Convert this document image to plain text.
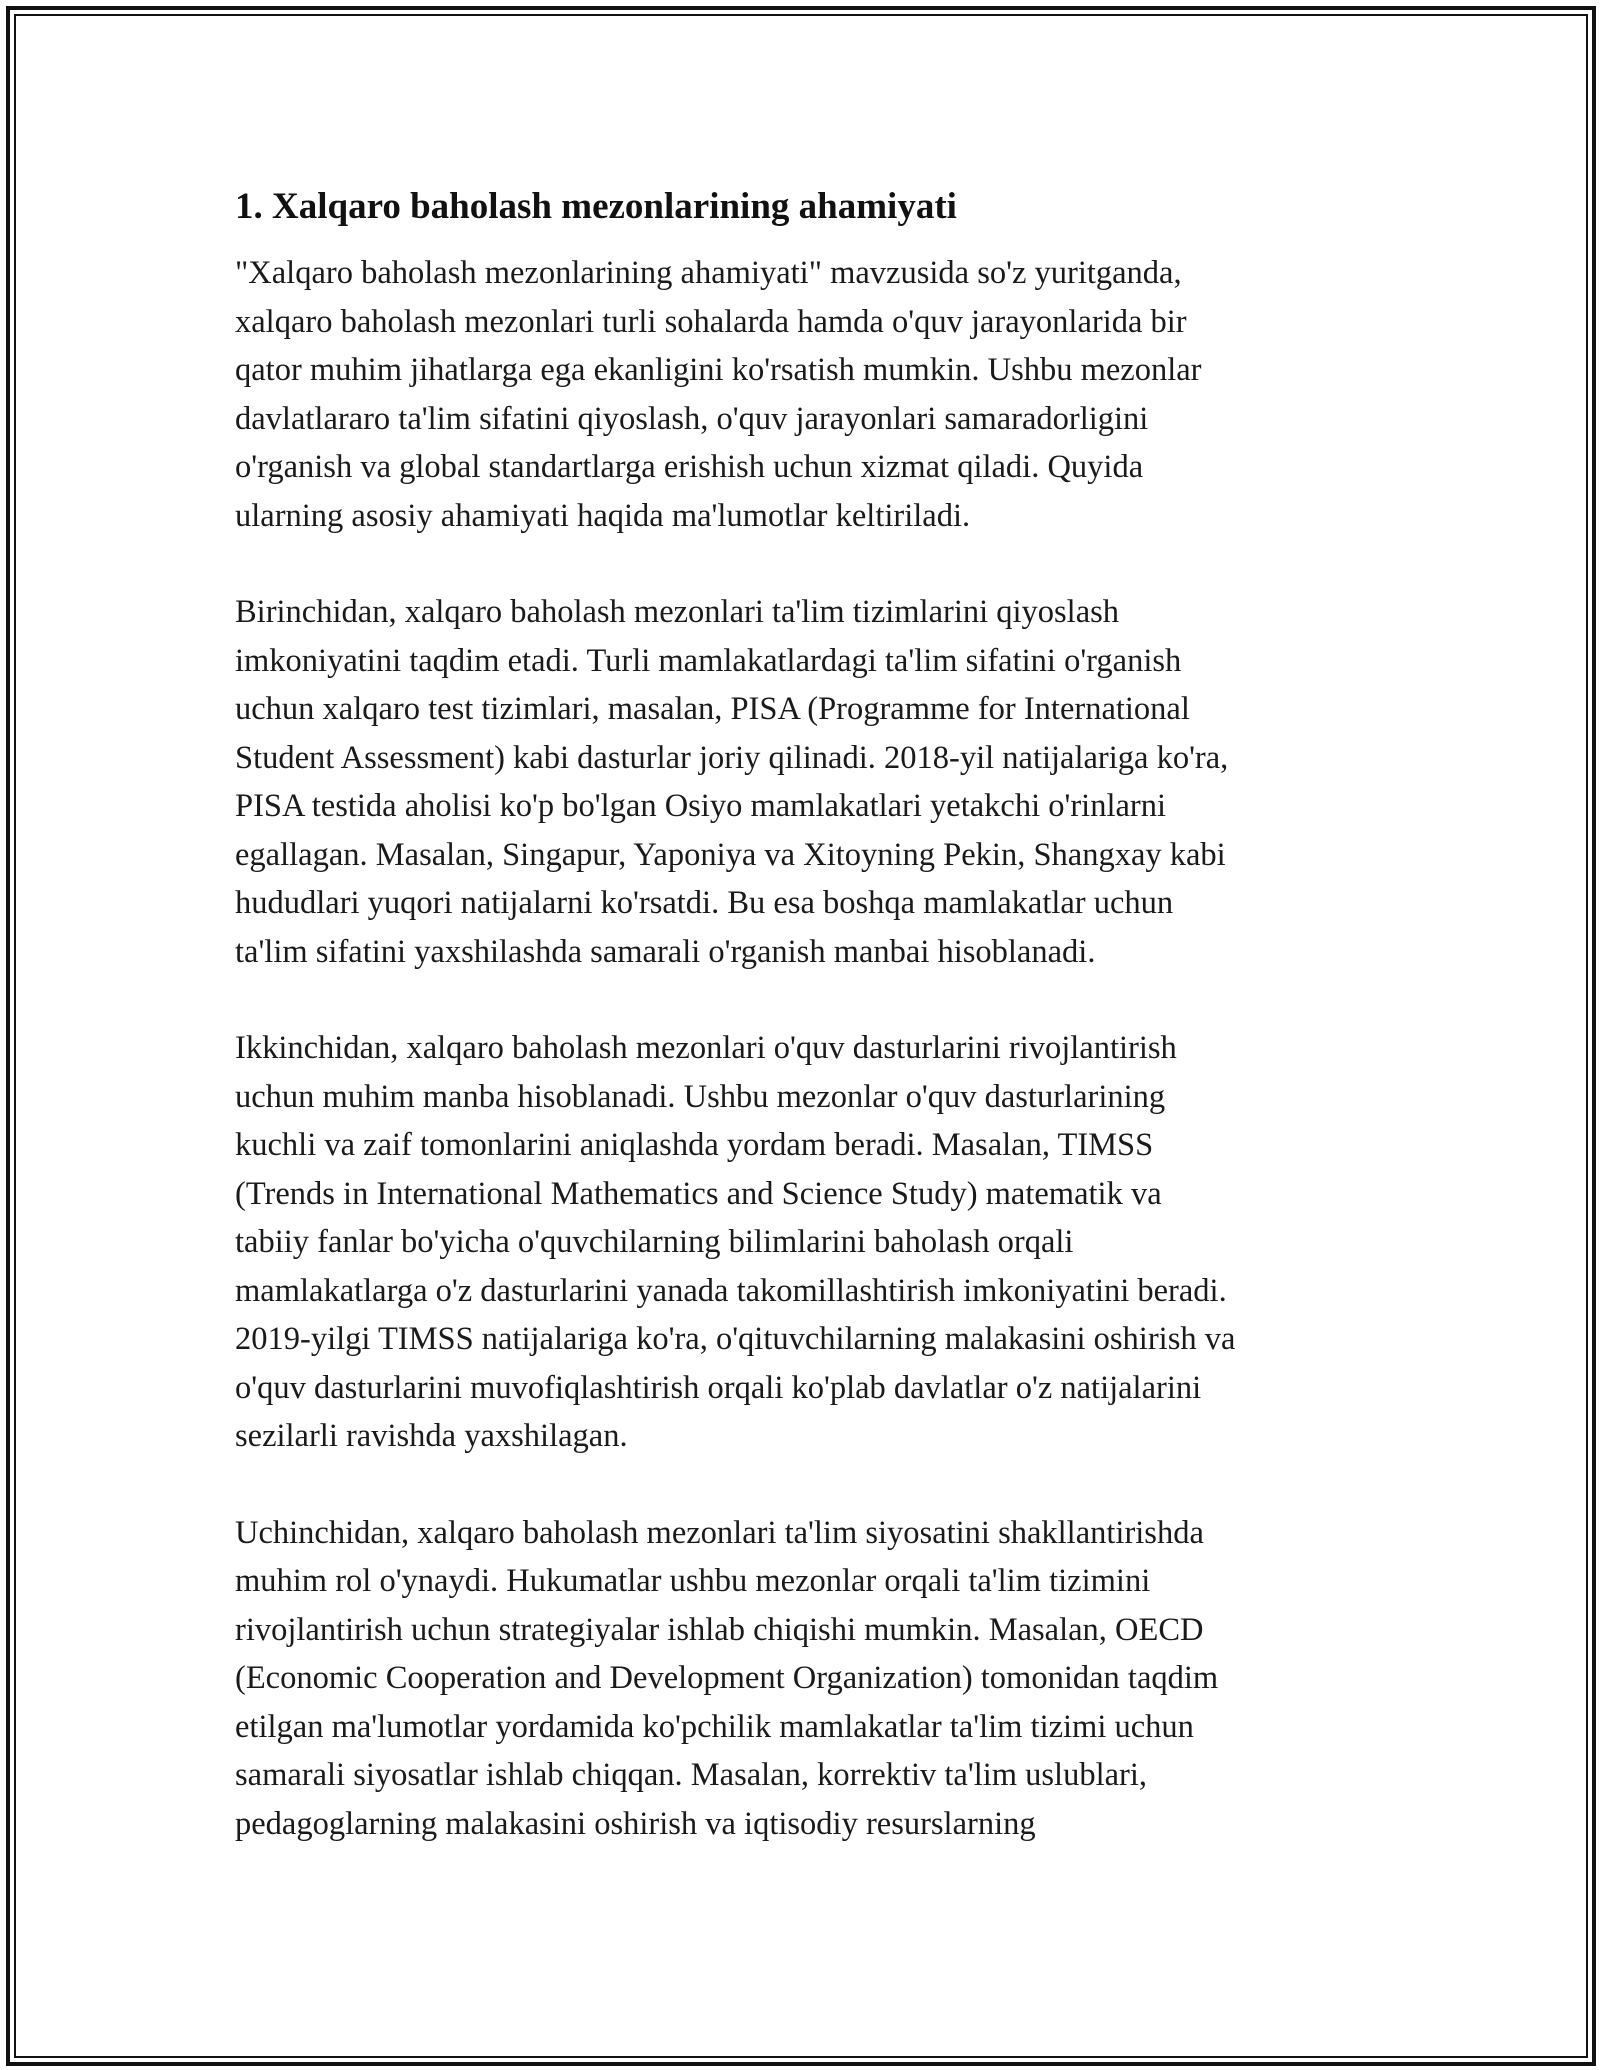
1. Xalqaro baholash mezonlarining ahamiyati
"Xalqaro baholash mezonlarining ahamiyati" mavzusida so'z yuritganda,
xalqaro baholash mezonlari turli sohalarda hamda o'quv jarayonlarida bir
qator muhim jihatlarga ega ekanligini ko'rsatish mumkin. Ushbu mezonlar
davlatlararo ta'lim sifatini qiyoslash, o'quv jarayonlari samaradorligini
o'rganish va global standartlarga erishish uchun xizmat qiladi. Quyida
ularning asosiy ahamiyati haqida ma'lumotlar keltiriladi.
Birinchidan, xalqaro baholash mezonlari ta'lim tizimlarini qiyoslash
imkoniyatini taqdim etadi. Turli mamlakatlardagi ta'lim sifatini o'rganish
uchun xalqaro test tizimlari, masalan, PISA (Programme for International
Student Assessment) kabi dasturlar joriy qilinadi. 2018-yil natijalariga ko'ra,
PISA testida aholisi ko'p bo'lgan Osiyo mamlakatlari yetakchi o'rinlarni
egallagan. Masalan, Singapur, Yaponiya va Xitoyning Pekin, Shangxay kabi
hududlari yuqori natijalarni ko'rsatdi. Bu esa boshqa mamlakatlar uchun
ta'lim sifatini yaxshilashda samarali o'rganish manbai hisoblanadi.
Ikkinchidan, xalqaro baholash mezonlari o'quv dasturlarini rivojlantirish
uchun muhim manba hisoblanadi. Ushbu mezonlar o'quv dasturlarining
kuchli va zaif tomonlarini aniqlashda yordam beradi. Masalan, TIMSS
(Trends in International Mathematics and Science Study) matematik va
tabiiy fanlar bo'yicha o'quvchilarning bilimlarini baholash orqali
mamlakatlarga o'z dasturlarini yanada takomillashtirish imkoniyatini beradi.
2019-yilgi TIMSS natijalariga ko'ra, o'qituvchilarning malakasini oshirish va
o'quv dasturlarini muvofiqlashtirish orqali ko'plab davlatlar o'z natijalarini
sezilarli ravishda yaxshilagan.
Uchinchidan, xalqaro baholash mezonlari ta'lim siyosatini shakllantirishda
muhim rol o'ynaydi. Hukumatlar ushbu mezonlar orqali ta'lim tizimini
rivojlantirish uchun strategiyalar ishlab chiqishi mumkin. Masalan, OECD
(Economic Cooperation and Development Organization) tomonidan taqdim
etilgan ma'lumotlar yordamida ko'pchilik mamlakatlar ta'lim tizimi uchun
samarali siyosatlar ishlab chiqqan. Masalan, korrektiv ta'lim uslublari,
pedagoglarning malakasini oshirish va iqtisodiy resurslarning
